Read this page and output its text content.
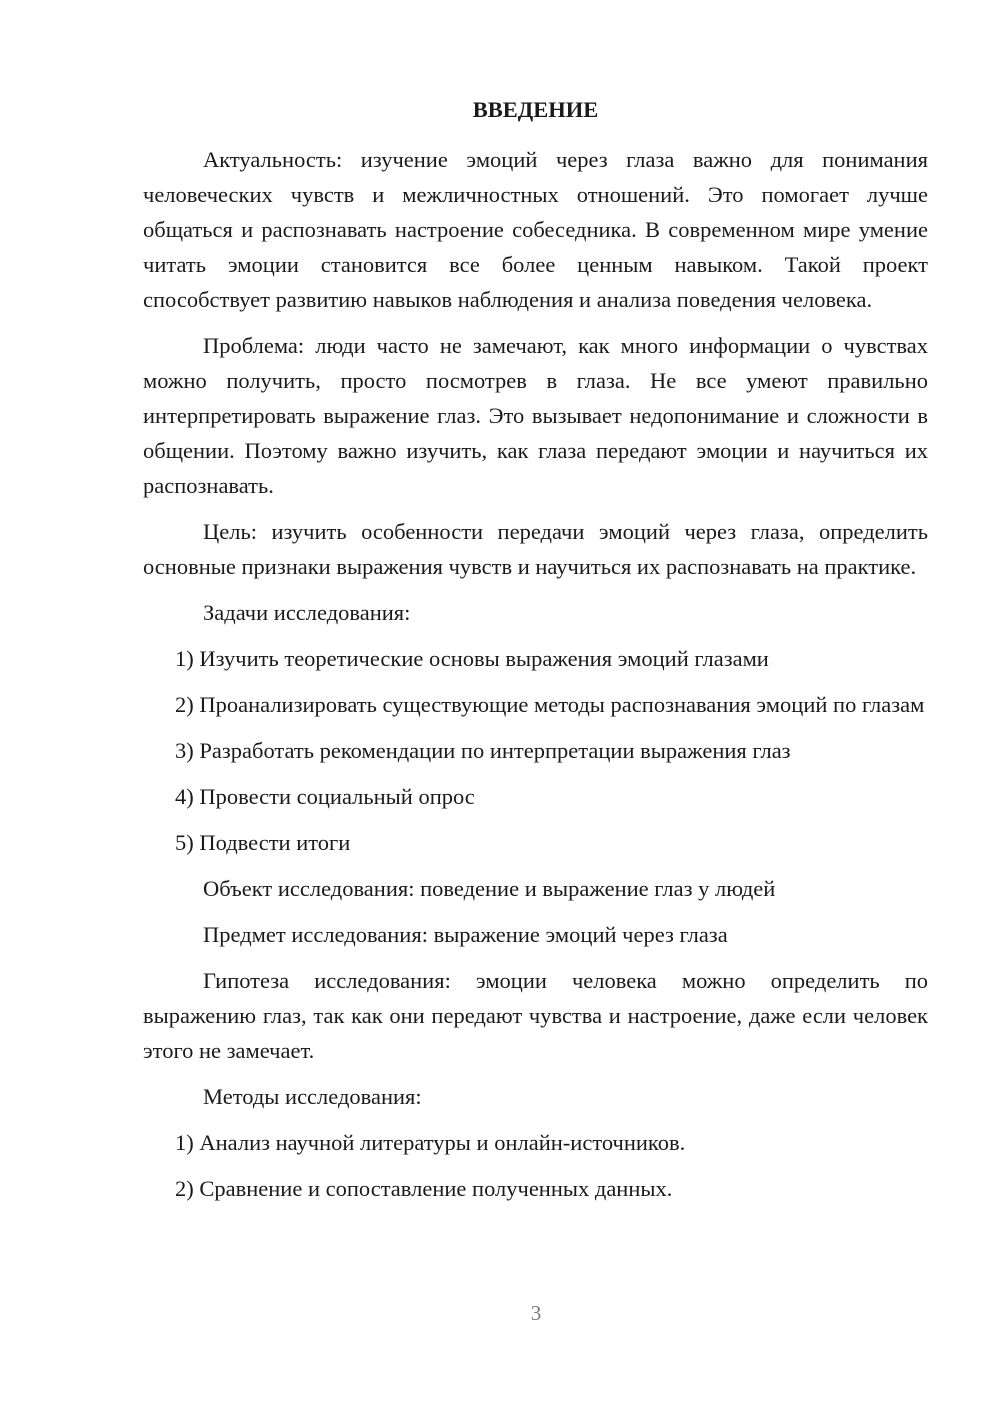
ВВЕДЕНИЕ

Актуальность: изучение эмоций через глаза важно для понимания человеческих чувств и межличностных отношений. Это помогает лучше общаться и распознавать настроение собеседника. В современном мире умение читать эмоции становится все более ценным навыком. Такой проект способствует развитию навыков наблюдения и анализа поведения человека.

Проблема: люди часто не замечают, как много информации о чувствах можно получить, просто посмотрев в глаза. Не все умеют правильно интерпретировать выражение глаз. Это вызывает недопонимание и сложности в общении. Поэтому важно изучить, как глаза передают эмоции и научиться их распознавать.

Цель: изучить особенности передачи эмоций через глаза, определить основные признаки выражения чувств и научиться их распознавать на практике.

Задачи исследования:

1) Изучить теоретические основы выражения эмоций глазами

2) Проанализировать существующие методы распознавания эмоций по глазам

3) Разработать рекомендации по интерпретации выражения глаз

4) Провести социальный опрос

5) Подвести итоги

Объект исследования: поведение и выражение глаз у людей

Предмет исследования: выражение эмоций через глаза

Гипотеза исследования: эмоции человека можно определить по выражению глаз, так как они передают чувства и настроение, даже если человек этого не замечает.

Методы исследования:

1) Анализ научной литературы и онлайн-источников.

2) Сравнение и сопоставление полученных данных.

3
